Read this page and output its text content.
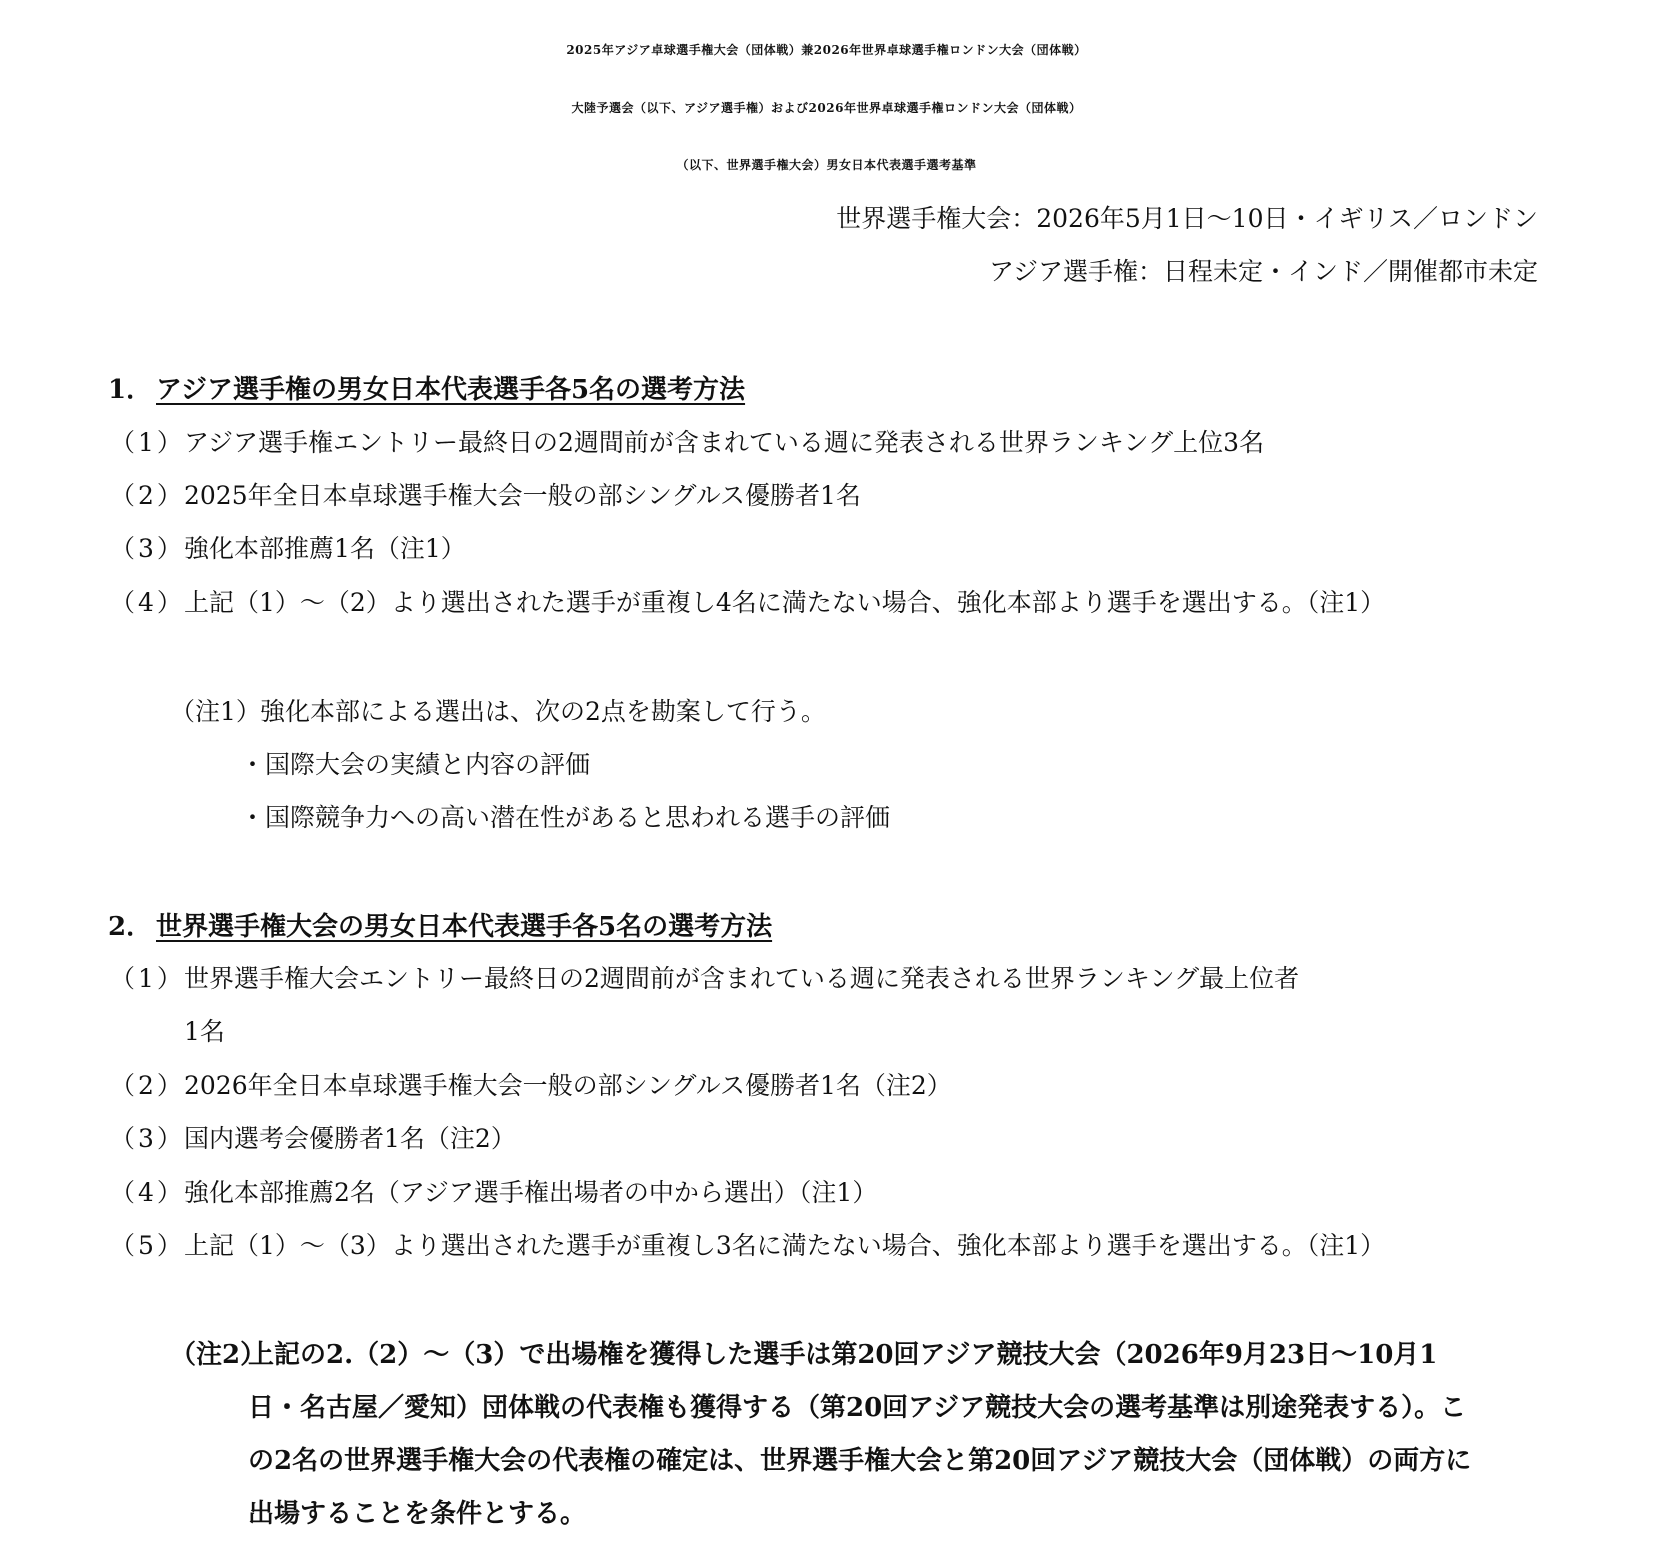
2025年アジア卓球選手権大会（団体戦）兼2026年世界卓球選手権ロンドン大会（団体戦）
大陸予選会（以下、アジア選手権）および2026年世界卓球選手権ロンドン大会（団体戦）
（以下、世界選手権大会）男女日本代表選手選考基準
世界選手権大会：2026年5月1日～10日・イギリス／ロンドン
アジア選手権：日程未定・インド／開催都市未定
1． アジア選手権の男女日本代表選手各5名の選考方法
（1）アジア選手権エントリー最終日の2週間前が含まれている週に発表される世界ランキング上位3名
（2）2025年全日本卓球選手権大会一般の部シングルス優勝者1名
（3）強化本部推薦1名（注1）
（4）上記（1）～（2）より選出された選手が重複し4名に満たない場合、強化本部より選手を選出する。（注1）
（注1）強化本部による選出は、次の2点を勘案して行う。
・国際大会の実績と内容の評価
・国際競争力への高い潜在性があると思われる選手の評価
2． 世界選手権大会の男女日本代表選手各5名の選考方法
（1）世界選手権大会エントリー最終日の2週間前が含まれている週に発表される世界ランキング最上位者
1名
（2）2026年全日本卓球選手権大会一般の部シングルス優勝者1名（注2）
（3）国内選考会優勝者1名（注2）
（4）強化本部推薦2名（アジア選手権出場者の中から選出）（注1）
（5）上記（1）～（3）より選出された選手が重複し3名に満たない場合、強化本部より選手を選出する。（注1）
（注2）上記の2.（2）～（3）で出場権を獲得した選手は第20回アジア競技大会（2026年9月23日～10月1
日・名古屋／愛知）団体戦の代表権も獲得する（第20回アジア競技大会の選考基準は別途発表する）。こ
の2名の世界選手権大会の代表権の確定は、世界選手権大会と第20回アジア競技大会（団体戦）の両方に
出場することを条件とする。
